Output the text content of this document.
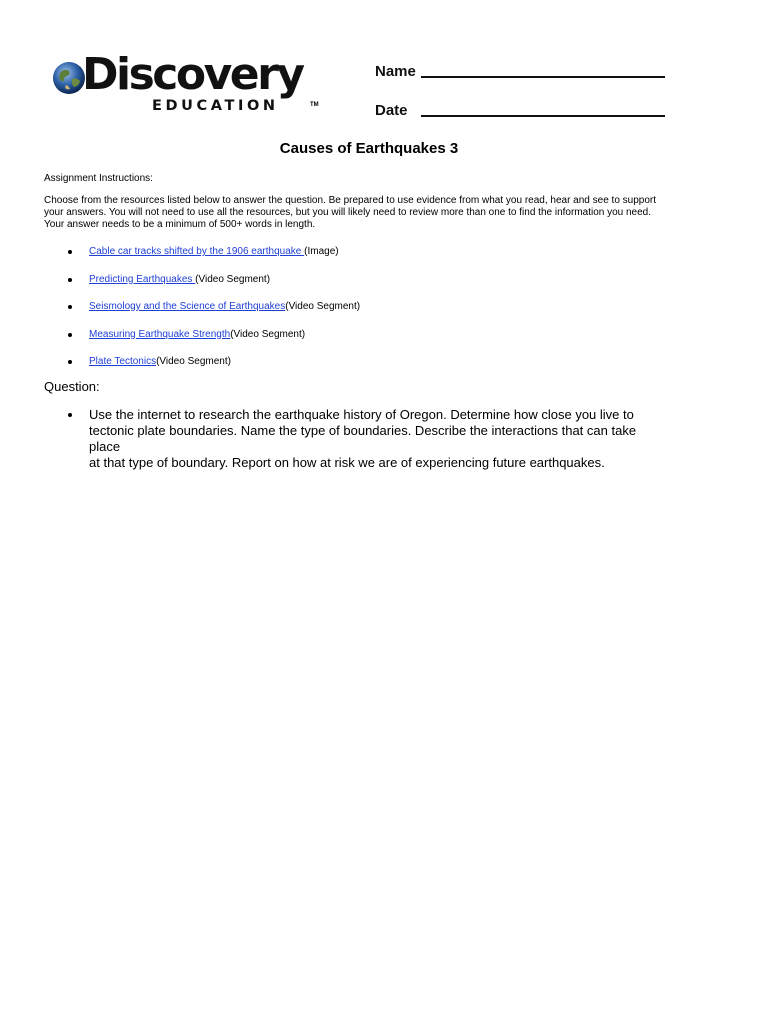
Discovery
EDUCATION	TM
Name
Date
Causes of Earthquakes 3
Assignment Instructions:
Choose from the resources listed below to answer the question. Be prepared to use evidence from what you read, hear and see to support
your answers. You will not need to use all the resources, but you will likely need to review more than one to find the information you need.
Your answer needs to be a minimum of 500+ words in length.
Cable car tracks shifted by the 1906 earthquake (Image)
Predicting Earthquakes (Video Segment)
Seismology and the Science of Earthquakes(Video Segment)
Measuring Earthquake Strength(Video Segment)
Plate Tectonics(Video Segment)
Question:
Use the internet to research the earthquake history of Oregon. Determine how close you live to
tectonic plate boundaries. Name the type of boundaries. Describe the interactions that can take place
at that type of boundary. Report on how at risk we are of experiencing future earthquakes.
